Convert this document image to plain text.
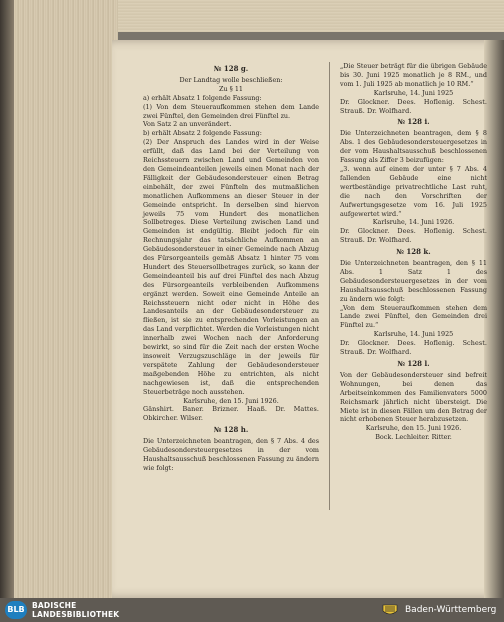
№ 128 g.

Der Landtag wolle beschließen:

Zu § 11

a) erhält Absatz 1 folgende Fassung:

(1) Von dem Steueraufkommen stehen dem Lande zwei Fünftel, den Gemeinden drei Fünftel zu.

Von Satz 2 an unverändert.

b) erhält Absatz 2 folgende Fassung:

(2) Der Anspruch des Landes wird in der Weise erfüllt, daß das Land bei der Verteilung von Reichssteuern zwischen Land und Gemeinden von den Gemeindeanteilen jeweils einen Monat nach der Fälligkeit der Gebäudesondersteuer einen Betrag einbehält, der zwei Fünfteln des mutmaßlichen monatlichen Aufkommens an dieser Steuer in der Gemeinde entspricht. In derselben sind hiervon jeweils 75 vom Hundert des monatlichen Sollbetreges. Diese Verteilung zwischen Land und Gemeinden ist endgültig. Bleibt jedoch für ein Rechnungsjahr das tatsächliche Aufkommen an Gebäudesondersteuer in einer Gemeinde nach Abzug des Fürsorgeanteils gemäß Absatz 1 hinter 75 vom Hundert des Steuersollbetrages zurück, so kann der Gemeindeanteil bis auf drei Fünftel des nach Abzug des Fürsorgeanteils verbleibenden Aufkommens ergänzt werden. Soweit eine Gemeinde Anteile an Reichssteuern nicht oder nicht in Höhe des Landesanteils an der Gebäudesondersteuer zu fließen, ist sie zu entsprechenden Vorleistungen an das Land verpflichtet. Werden die Vorleistungen nicht innerhalb zwei Wochen nach der Anforderung bewirkt, so sind für die Zeit nach der ersten Woche insoweit Verzugszuschläge in der jeweils für verspätete Zahlung der Gebäudesondersteuer maßgebenden Höhe zu entrichten, als nicht nachgewiesen ist, daß die entsprechenden Steuerbeträge noch ausstehen.

Karlsruhe, den 15. Juni 1926.

Gänshirt. Baner. Brizner. Haaß. Dr. Mattes. Obkircher. Wilser.

№ 128 h.

Die Unterzeichneten beantragen, den § 7 Abs. 4 des Gebäudesondersteuergesetzes in der vom Haushaltsausschuß beschlossenen Fassung zu ändern wie folgt:

„Die Steuer beträgt für die übrigen Gebäude bis 30. Juni 1925 monatlich je 8 RM., und vom 1. Juli 1925 ab monatlich je 10 RM.“

Karlsruhe, 14. Juni 1925

Dr. Glockner. Dees. Hoflenig. Schest. Strauß. Dr. Wolfhard.

№ 128 i.

Die Unterzeichneten beantragen, dem § 8 Abs. 1 des Gebäudesondersteuergesetzes in der vom Haushaltsausschuß beschlossenen Fassung als Ziffer 3 beizufügen:

„3. wenn auf einem der unter § 7 Abs. 4 fallenden Gebäude eine nicht wertbeständige privatrechtliche Last ruht, die nach den Vorschriften der Aufwertungsgesetze vom 16. Juli 1925 aufgewertet wird.“

Karlsruhe, 14. Juni 1926.

Dr. Glockner. Dees. Hoflenig. Schest. Strauß. Dr. Wolfhard.

№ 128 k.

Die Unterzeichneten beantragen, den § 11 Abs. 1 Satz 1 des Gebäudesondersteuergesetzes in der vom Haushaltsausschuß beschlossenen Fassung zu ändern wie folgt:

„Von dem Steueraufkommen stehen dem Lande zwei Fünftel, den Gemeinden drei Fünftel zu.“

Karlsruhe, 14. Juni 1925

Dr. Glockner. Dees. Hoflenig. Schest. Strauß. Dr. Wolfhard.

№ 128 l.

Von der Gebäudesondersteuer sind befreit Wohnungen, bei denen das Arbeitseinkommen des Familienvaters 5000 Reichsmark jährlich nicht übersteigt. Die Miete ist in diesen Fällen um den Betrag der nicht erhobenen Steuer herabzusetzen.

Karlsruhe, den 15. Juni 1926.

Bock. Lechleiter. Ritter.

BLB BADISCHE
LANDESBIBLIOTHEK	Baden-Württemberg
